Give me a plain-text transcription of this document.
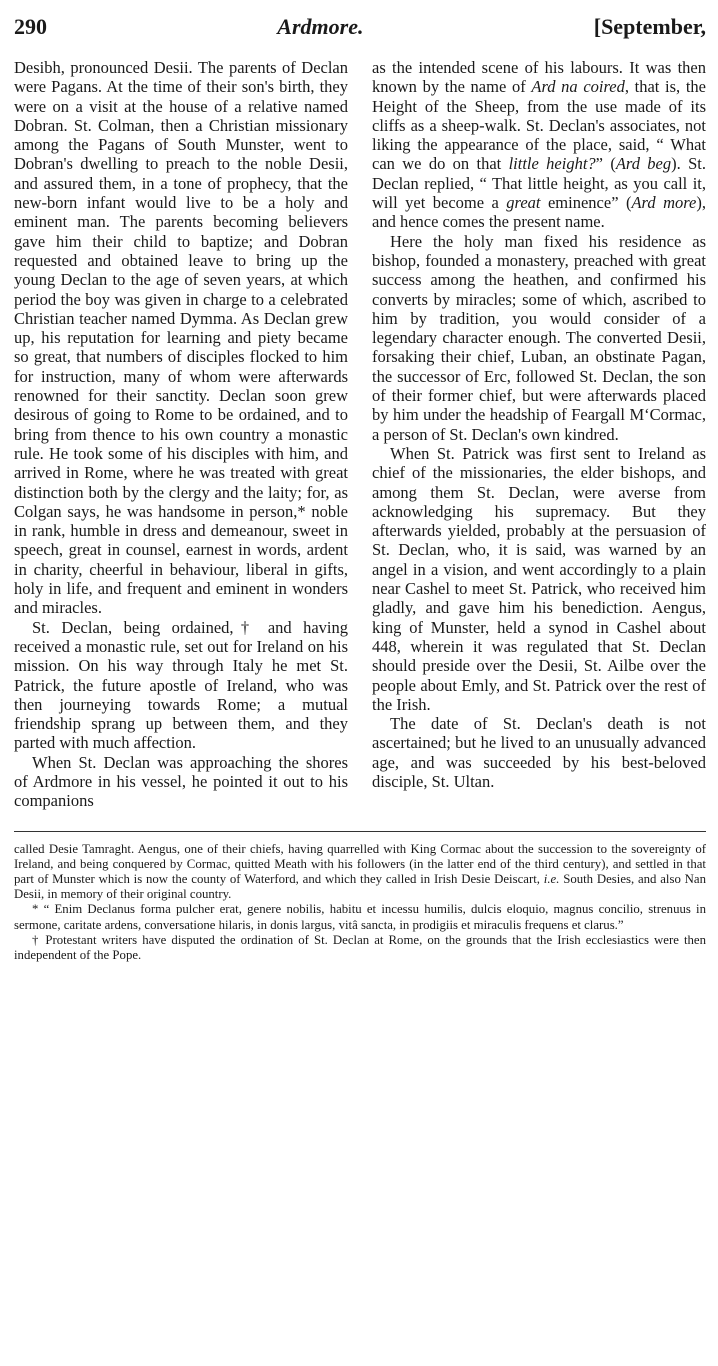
290	Ardmore.	[September,

Desibh, pronounced Desii. The parents of Declan were Pagans. At the time of their son's birth, they were on a visit at the house of a relative named Dobran. St. Colman, then a Christian missionary among the Pagans of South Munster, went to Dobran's dwelling to preach to the noble Desii, and assured them, in a tone of prophecy, that the new-born infant would live to be a holy and eminent man. The parents becoming believers gave him their child to baptize; and Dobran requested and obtained leave to bring up the young Declan to the age of seven years, at which period the boy was given in charge to a celebrated Christian teacher named Dymma. As Declan grew up, his reputation for learning and piety became so great, that numbers of disciples flocked to him for instruction, many of whom were afterwards renowned for their sanctity. Declan soon grew desirous of going to Rome to be ordained, and to bring from thence to his own country a monastic rule. He took some of his disciples with him, and arrived in Rome, where he was treated with great distinction both by the clergy and the laity; for, as Colgan says, he was handsome in person,* noble in rank, humble in dress and demeanour, sweet in speech, great in counsel, earnest in words, ardent in charity, cheerful in behaviour, liberal in gifts, holy in life, and frequent and eminent in wonders and miracles.

St. Declan, being ordained,† and having received a monastic rule, set out for Ireland on his mission. On his way through Italy he met St. Patrick, the future apostle of Ireland, who was then journeying towards Rome; a mutual friendship sprang up between them, and they parted with much affection.

When St. Declan was approaching the shores of Ardmore in his vessel, he pointed it out to his companions

as the intended scene of his labours. It was then known by the name of Ard na coired, that is, the Height of the Sheep, from the use made of its cliffs as a sheep-walk. St. Declan's associates, not liking the appearance of the place, said, “ What can we do on that little height?” (Ard beg). St. Declan replied, “ That little height, as you call it, will yet become a great eminence” (Ard more), and hence comes the present name.

Here the holy man fixed his residence as bishop, founded a monastery, preached with great success among the heathen, and confirmed his converts by miracles; some of which, ascribed to him by tradition, you would consider of a legendary character enough. The converted Desii, forsaking their chief, Luban, an obstinate Pagan, the successor of Erc, followed St. Declan, the son of their former chief, but were afterwards placed by him under the headship of Feargall M‘Cormac, a person of St. Declan's own kindred.

When St. Patrick was first sent to Ireland as chief of the missionaries, the elder bishops, and among them St. Declan, were averse from acknowledging his supremacy. But they afterwards yielded, probably at the persuasion of St. Declan, who, it is said, was warned by an angel in a vision, and went accordingly to a plain near Cashel to meet St. Patrick, who received him gladly, and gave him his benediction. Aengus, king of Munster, held a synod in Cashel about 448, wherein it was regulated that St. Declan should preside over the Desii, St. Ailbe over the people about Emly, and St. Patrick over the rest of the Irish.

The date of St. Declan's death is not ascertained; but he lived to an unusually advanced age, and was succeeded by his best-beloved disciple, St. Ultan.

called Desie Tamraght. Aengus, one of their chiefs, having quarrelled with King Cormac about the succession to the sovereignty of Ireland, and being conquered by Cormac, quitted Meath with his followers (in the latter end of the third century), and settled in that part of Munster which is now the county of Waterford, and which they called in Irish Desie Deiscart, i.e. South Desies, and also Nan Desii, in memory of their original country.

* “ Enim Declanus forma pulcher erat, genere nobilis, habitu et incessu humilis, dulcis eloquio, magnus concilio, strenuus in sermone, caritate ardens, conversatione hilaris, in donis largus, vitâ sancta, in prodigiis et miraculis frequens et clarus.”

† Protestant writers have disputed the ordination of St. Declan at Rome, on the grounds that the Irish ecclesiastics were then independent of the Pope.
